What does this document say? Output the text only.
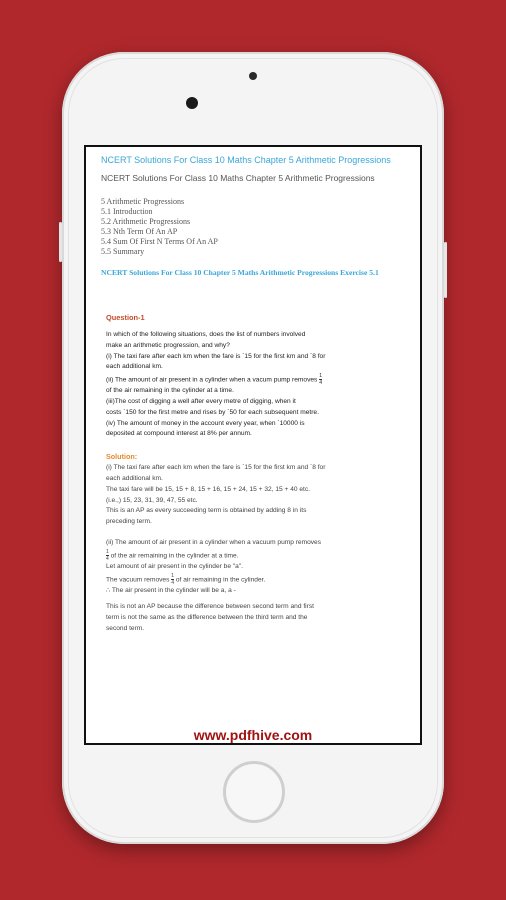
NCERT Solutions For Class 10 Maths Chapter 5 Arithmetic Progressions
NCERT Solutions For Class 10 Maths Chapter 5 Arithmetic Progressions
5 Arithmetic Progressions
5.1 Introduction
5.2 Arithmetic Progressions
5.3 Nth Term Of An AP
5.4 Sum Of First N Terms Of An AP
5.5 Summary
NCERT Solutions For Class 10 Chapter 5 Maths Arithmetic Progressions Exercise 5.1
Question-1
In which of the following situations, does the list of numbers involved
make an arithmetic progression, and why?
(i) The taxi fare after each km when the fare is `15 for the first km and `8 for
each additional km.
(ii) The amount of air present in a cylinder when a vacum pump removes $\frac{1}{4}$
of the air remaining in the cylinder at a time.
(iii)The cost of digging a well after every metre of digging, when it
costs `150 for the first metre and rises by `50 for each subsequent metre.
(iv) The amount of money in the account every year, when `10000 is
deposited at compound interest at 8% per annum.
Solution:
(i) The taxi fare after each km when the fare is `15 for the first km and `8 for
each additional km.
The taxi fare will be 15, 15 + 8, 15 + 16, 15 + 24, 15 + 32, 15 + 40 etc.
(i.e.,) 15, 23, 31, 39, 47, 55 etc.
This is an AP as every succeeding term is obtained by adding 8 in its
preceding term.
(ii) The amount of air present in a cylinder when a vacuum pump removes
$\frac{1}{4}$ of the air remaining in the cylinder at a time.
Let amount of air present in the cylinder be "a".
The vacuum removes $\frac{1}{4}$ of air remaining in the cylinder.
∴ The air present in the cylinder will be a, a -
This is not an AP because the difference between second term and first
term is not the same as the difference between the third term and the
second term.
www.pdfhive.com
